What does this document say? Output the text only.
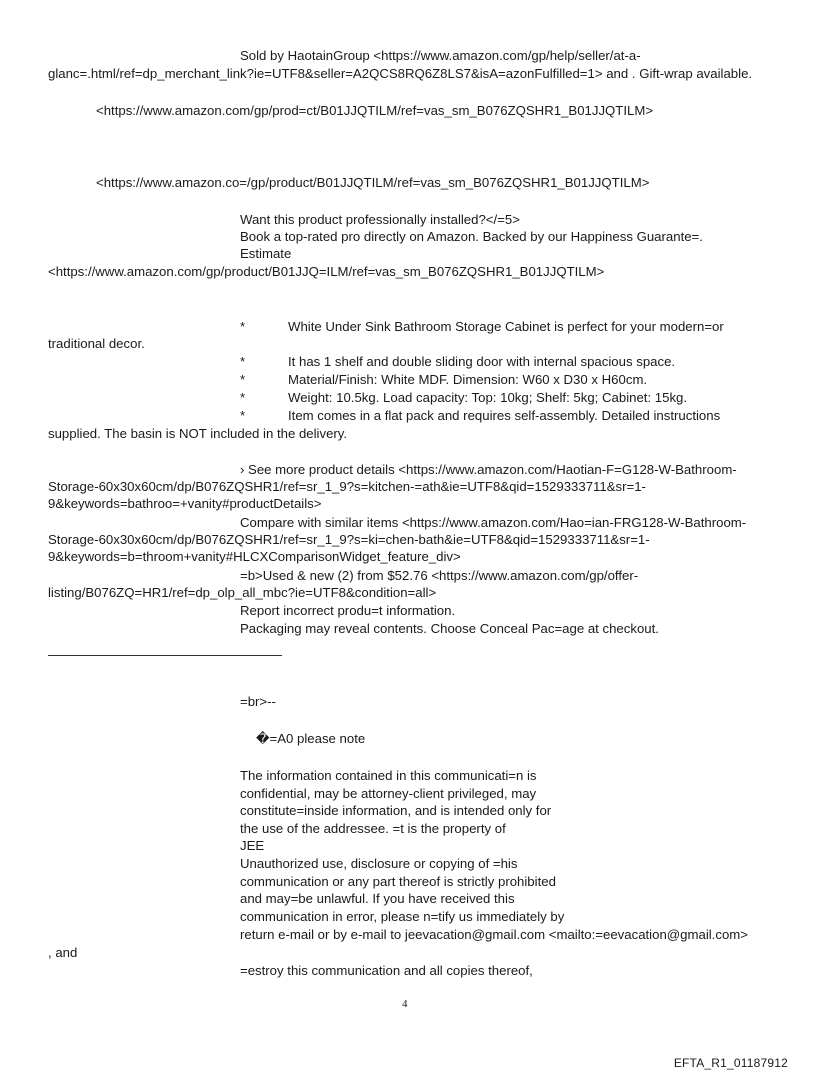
Sold by HaotainGroup <https://www.amazon.com/gp/help/seller/at-a-
glanc=.html/ref=dp_merchant_link?ie=UTF8&seller=A2QCS8RQ6Z8LS7&isA=azonFulfilled=1> and . Gift-wrap available.
<https://www.amazon.com/gp/prod=ct/B01JJQTILM/ref=vas_sm_B076ZQSHR1_B01JJQTILM>
<https://www.amazon.co=/gp/product/B01JJQTILM/ref=vas_sm_B076ZQSHR1_B01JJQTILM>
Want this product professionally installed?</=5>
Book a top-rated pro directly on Amazon. Backed by our Happiness Guarante=.
Estimate
<https://www.amazon.com/gp/product/B01JJQ=ILM/ref=vas_sm_B076ZQSHR1_B01JJQTILM>
*	White Under Sink Bathroom Storage Cabinet is perfect for your modern=or
traditional decor.
*	It has 1 shelf and double sliding door with internal spacious space.
*	Material/Finish: White MDF. Dimension: W60 x D30 x H60cm.
*	Weight: 10.5kg. Load capacity: Top: 10kg; Shelf: 5kg; Cabinet: 15kg.
*	Item comes in a flat pack and requires self-assembly. Detailed instructions
supplied. The basin is NOT included in the delivery.
› See more product details <https://www.amazon.com/Haotian-F=G128-W-Bathroom-
Storage-60x30x60cm/dp/B076ZQSHR1/ref=sr_1_9?s=kitchen-=ath&ie=UTF8&qid=1529333711&sr=1-
9&keywords=bathroo=+vanity#productDetails>
Compare with similar items <https://www.amazon.com/Hao=ian-FRG128-W-Bathroom-
Storage-60x30x60cm/dp/B076ZQSHR1/ref=sr_1_9?s=ki=chen-bath&ie=UTF8&qid=1529333711&sr=1-
9&keywords=b=throom+vanity#HLCXComparisonWidget_feature_div>
=b>Used & new (2) from $52.76 <https://www.amazon.com/gp/offer-
listing/B076ZQ=HR1/ref=dp_olp_all_mbc?ie=UTF8&condition=all>
Report incorrect produ=t information.
Packaging may reveal contents. Choose Conceal Pac=age at checkout.
=br>--
�=A0 please note
The information contained in this communicati=n is
confidential, may be attorney-client privileged, may
constitute=inside information, and is intended only for
the use of the addressee. =t is the property of
JEE
Unauthorized use, disclosure or copying of =his
communication or any part thereof is strictly prohibited
and may=be unlawful. If you have received this
communication in error, please n=tify us immediately by
return e-mail or by e-mail to jeevacation@gmail.com <mailto:=eevacation@gmail.com>
, and
=estroy this communication and all copies thereof,
4
EFTA_R1_01187912
